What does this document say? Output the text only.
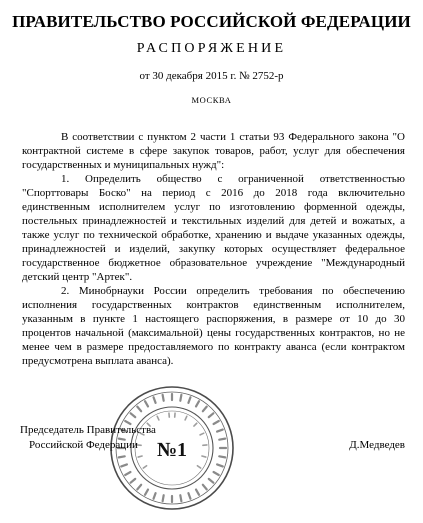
ПРАВИТЕЛЬСТВО РОССИЙСКОЙ ФЕДЕРАЦИИ
РАСПОРЯЖЕНИЕ
от 30 декабря 2015 г. № 2752-р
МОСКВА

В соответствии с пунктом 2 части 1 статьи 93 Федерального закона "О контрактной системе в сфере закупок товаров, работ, услуг для обеспечения государственных и муниципальных нужд":

1. Определить общество с ограниченной ответственностью "Спорттовары Боско" на период с 2016 до 2018 года включительно единственным исполнителем услуг по изготовлению форменной одежды, постельных принадлежностей и текстильных изделий для детей и вожатых, а также услуг по технической обработке, хранению и выдаче указанных одежды, принадлежностей и изделий, закупку которых осуществляет федеральное государственное бюджетное образовательное учреждение "Международный детский центр "Артек".

2. Минобрнауки России определить требования по обеспечению исполнения государственных контрактов единственным исполнителем, указанным в пункте 1 настоящего распоряжения, в размере от 10 до 30 процентов начальной (максимальной) цены государственных контрактов, но не менее чем в размере предоставляемого по контракту аванса (если контрактом предусмотрена выплата аванса).

№1
Председатель Правительства
Российской Федерации	Д.Медведев
